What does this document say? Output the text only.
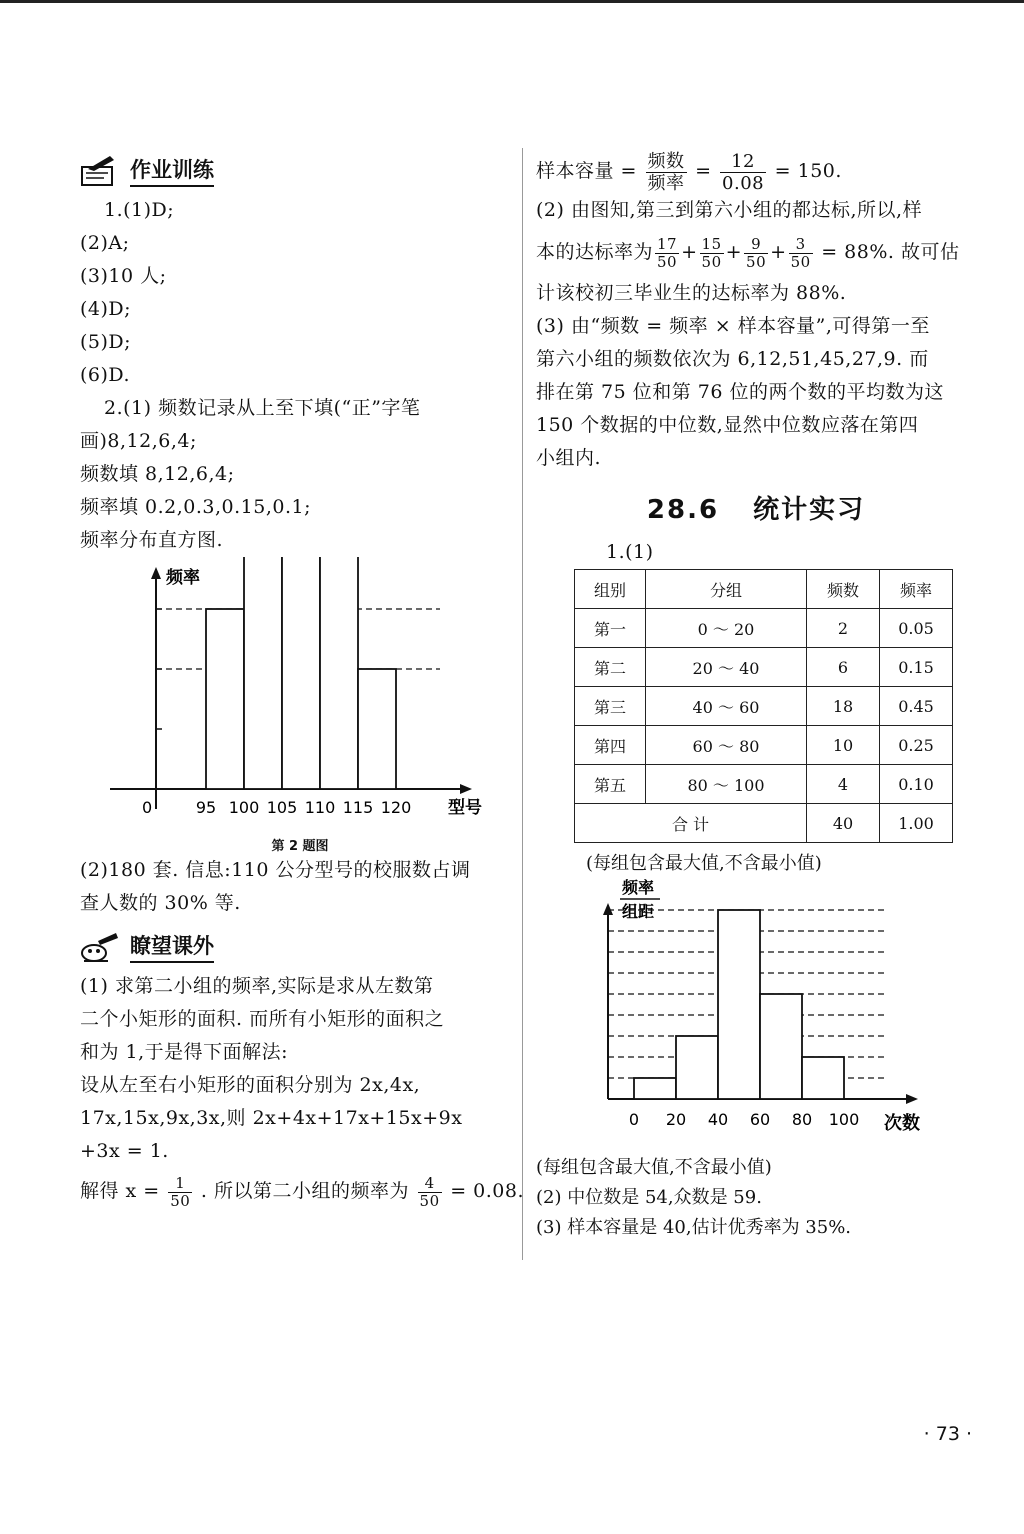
作业训练
1.(1)D;
(2)A;
(3)10 人;
(4)D;
(5)D;
(6)D.
2.(1) 频数记录从上至下填(“正”字笔
画)8,12,6,4;
频数填 8,12,6,4;
频率填 0.2,0.3,0.15,0.1;
频率分布直方图.
频率
型号
0	95 100 105 110 115 120
第 2 题图
(2)180 套. 信息:110 公分型号的校服数占调
查人数的 30% 等.
瞭望课外
(1) 求第二小组的频率,实际是求从左数第
二个小矩形的面积. 而所有小矩形的面积之
和为 1,于是得下面解法:
设从左至右小矩形的面积分别为 2x,4x,
17x,15x,9x,3x,则 2x+4x+17x+15x+9x
+3x = 1.
解得 $x = \frac{1}{50}$ . 所以第二小组的频率为 $\frac{4}{50} = 0.08$.
样本容量 = $\frac{\text{频数}}{\text{频率}} = \frac{12}{0.08} = 150$.
(2) 由图知,第三到第六小组的都达标,所以,样
本的达标率为 $\frac{17}{50} + \frac{15}{50} + \frac{9}{50} + \frac{3}{50} = 88\%$. 故可估
计该校初三毕业生的达标率为 88%.
(3) 由“频数 = 频率 × 样本容量”,可得第一至
第六小组的频数依次为 6,12,51,45,27,9. 而
排在第 75 位和第 76 位的两个数的平均数为这
150 个数据的中位数,显然中位数应落在第四
小组内.
28.6 统计实习
1.(1)
组别	分组	频数	频率
第一	0 ～ 20	2	0.05
第二	20 ～ 40	6	0.15
第三	40 ～ 60	18	0.45
第四	60 ～ 80	10	0.25
第五	80 ～ 100	4	0.10
合 计		40	1.00
(每组包含最大值,不含最小值)
频率
组距
次数
0 20 40 60 80 100
(每组包含最大值,不含最小值)
(2) 中位数是 54,众数是 59.
(3) 样本容量是 40,估计优秀率为 35%.
· 73 ·
